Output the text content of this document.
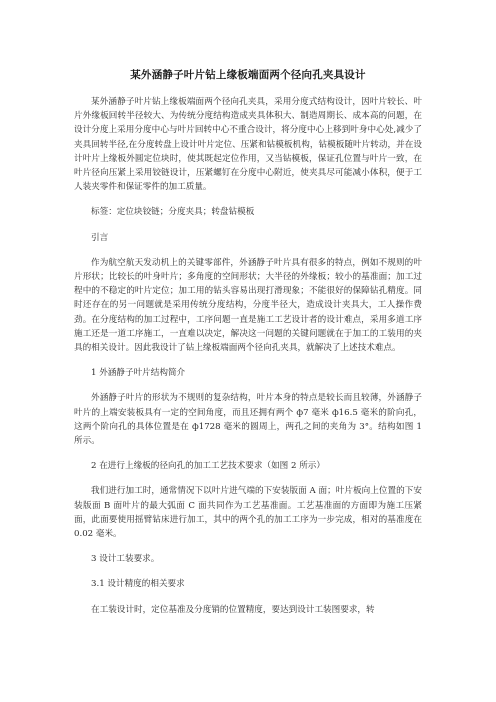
某外涵静子叶片钻上缘板端面两个径向孔夹具设计

某外涵静子叶片钻上缘板端面两个径向孔夹具，采用分度式结构设计，因叶片较长、叶片外缘板回转半径较大、为传统分度结构造成夹具体积大、制造周期长、成本高的问题，在设计分度上采用分度中心与叶片回转中心不重合设计，将分度中心上移到叶身中心处,减少了夹具回转半径,在分度转盘上设计叶片定位、压紧和钻模板机构，钻模板随叶片转动，并在设计叶片上缘板外圆定位块时，使其既起定位作用，又当钻模板，保证孔位置与叶片一致，在叶片径向压紧上采用铰链设计，压紧螺钉在分度中心附近，使夹具尽可能减小体积，便于工人装夹零件和保证零件的加工质量。

标签：定位块铰链；分度夹具；转盘钻模板

引言

作为航空航天发动机上的关键零部件，外涵静子叶片具有很多的特点，例如不规则的叶片形状；比较长的叶身叶片；多角度的空间形状；大半径的外缘板；较小的基准面；加工过程中的不稳定的叶片定位；加工用的钻头容易出现打滑现象；不能很好的保障钻孔精度。同时还存在的另一问题就是采用传统分度结构，分度半径大，造成设计夹具大，工人操作费劲。在分度结构的加工过程中，工序问题一直是施工工艺设计者的设计难点，采用多道工序施工还是一道工序施工，一直难以决定，解决这一问题的关键问题就在于加工的工装用的夹具的相关设计。因此我设计了钻上缘板端面两个径向孔夹具，就解决了上述技术难点。

1 外涵静子叶片结构简介

外涵静子叶片的形状为不规则的复杂结构，叶片本身的特点是较长而且较薄，外涵静子叶片的上端安装板具有一定的空间角度，而且还拥有两个 ф7 毫米 ф16.5 毫米的阶向孔，这两个阶向孔的具体位置是在 ф1728 毫米的圆周上，两孔之间的夹角为 3°。结构如图 1 所示。

2 在进行上缘板的径向孔的加工工艺技术要求（如图 2 所示）

我们进行加工时，通常情况下以叶片进气端的下安装版面 A 面；叶片板向上位置的下安装版面 B 面叶片的最大弧面 C 面共同作为工艺基准面。工艺基准面的方面即为施工压紧面，此面要使用摇臂钻床进行加工，其中的两个孔的加工工序为一步完成，相对的基准度在 0.02 毫米。

3 设计工装要求。

3.1 设计精度的相关要求

在工装设计时，定位基准及分度销的位置精度，要达到设计工装图要求，转
